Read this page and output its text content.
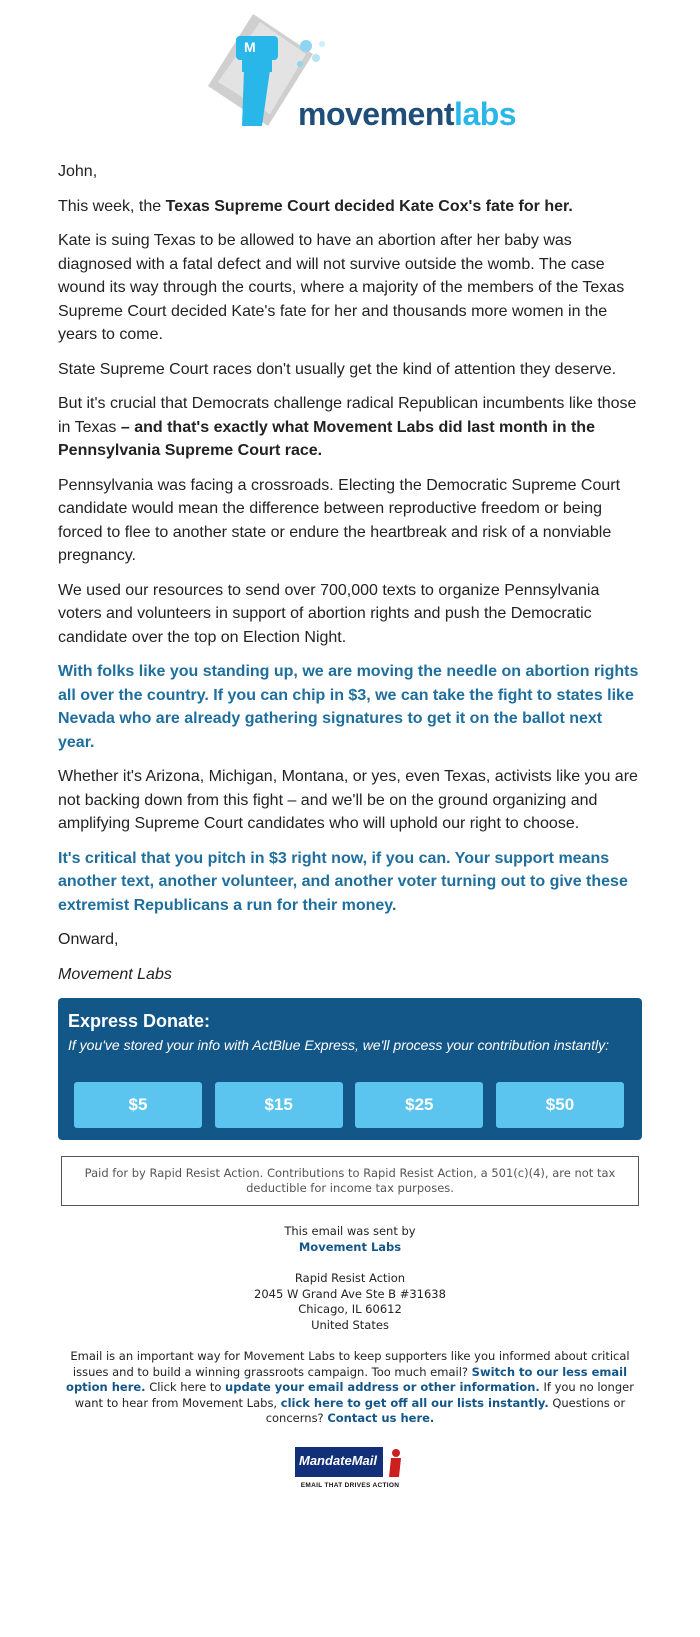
M
movementlabs

John,

This week, the Texas Supreme Court decided Kate Cox's fate for her.

Kate is suing Texas to be allowed to have an abortion after her baby was diagnosed with a fatal defect and will not survive outside the womb. The case wound its way through the courts, where a majority of the members of the Texas Supreme Court decided Kate's fate for her and thousands more women in the years to come.

State Supreme Court races don't usually get the kind of attention they deserve.

But it's crucial that Democrats challenge radical Republican incumbents like those in Texas – and that's exactly what Movement Labs did last month in the Pennsylvania Supreme Court race.

Pennsylvania was facing a crossroads. Electing the Democratic Supreme Court candidate would mean the difference between reproductive freedom or being forced to flee to another state or endure the heartbreak and risk of a nonviable pregnancy.

We used our resources to send over 700,000 texts to organize Pennsylvania voters and volunteers in support of abortion rights and push the Democratic candidate over the top on Election Night.

With folks like you standing up, we are moving the needle on abortion rights all over the country. If you can chip in $3, we can take the fight to states like Nevada who are already gathering signatures to get it on the ballot next year.

Whether it's Arizona, Michigan, Montana, or yes, even Texas, activists like you are not backing down from this fight – and we'll be on the ground organizing and amplifying Supreme Court candidates who will uphold our right to choose.

It's critical that you pitch in $3 right now, if you can. Your support means another text, another volunteer, and another voter turning out to give these extremist Republicans a run for their money.

Onward,

Movement Labs

Express Donate:
If you've stored your info with ActBlue Express, we'll process your contribution instantly:
$5	$15	$25	$50
Paid for by Rapid Resist Action. Contributions to Rapid Resist Action, a 501(c)(4), are not tax deductible for income tax purposes.
This email was sent by
Movement Labs
Rapid Resist Action
2045 W Grand Ave Ste B #31638
Chicago, IL 60612
United States
Email is an important way for Movement Labs to keep supporters like you informed about critical issues and to build a winning grassroots campaign. Too much email? Switch to our less email option here. Click here to update your email address or other information. If you no longer want to hear from Movement Labs, click here to get off all our lists instantly. Questions or concerns? Contact us here.
MandateMail
EMAIL THAT DRIVES ACTION
